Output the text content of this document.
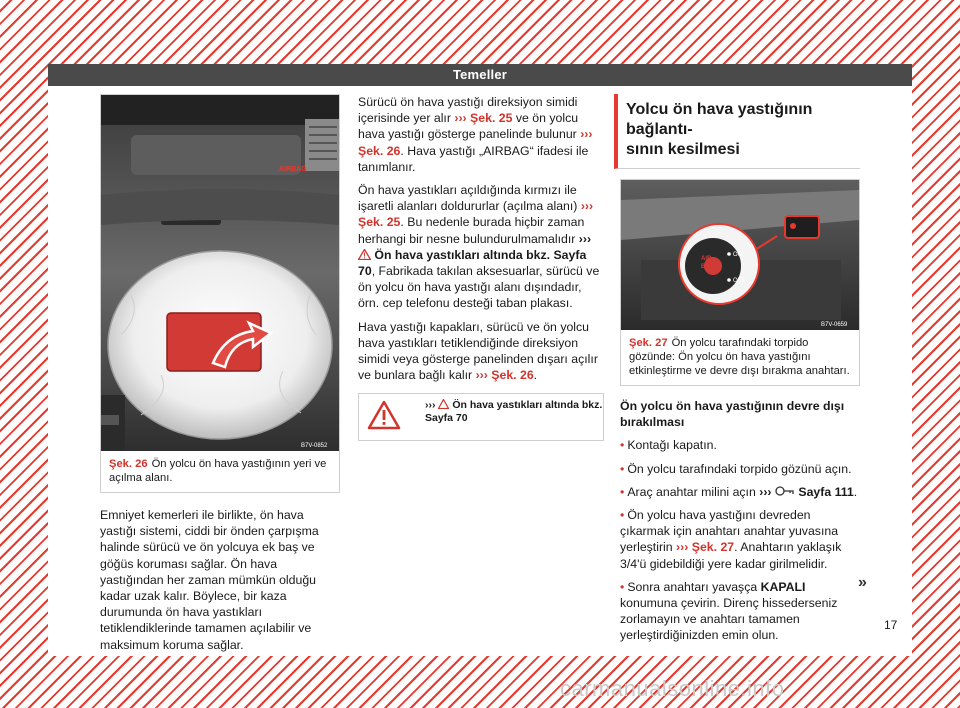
Temeller
AIRBAG
B7V-0852
Şek. 26 Ön yolcu ön hava yastığının yeri ve açılma alanı.

Emniyet kemerleri ile birlikte, ön hava yastığı sistemi, ciddi bir önden çarpışma halinde sürücü ve ön yolcuya ek baş ve göğüs koruması sağlar. Ön hava yastığından her zaman mümkün olduğu kadar uzak kalır. Böylece, bir kaza durumunda ön hava yastıkları tetiklendiklerinde tamamen açılabilir ve maksimum koruma sağlar.

Sürücü ön hava yastığı direksiyon simidi içerisinde yer alır ››› Şek. 25 ve ön yolcu hava yastığı gösterge panelinde bulunur ››› Şek. 26. Hava yastığı „AIRBAG“ ifadesi ile tanımlanır.

Ön hava yastıkları açıldığında kırmızı ile işaretli alanları doldururlar (açılma alanı) ››› Şek. 25. Bu nedenle burada hiçbir zaman herhangi bir nesne bulundurulmamalıdır ›››  Ön hava yastıkları altında bkz. Sayfa 70, Fabrikada takılan aksesuarlar, sürücü ve ön yolcu ön hava yastığı alanı dışındadır, örn. cep telefonu desteği taban plakası.

Hava yastığı kapakları, sürücü ve ön yolcu hava yastıkları tetiklendiğinde direksiyon simidi veya gösterge panelinden dışarı açılır ve bunlara bağlı kalır ››› Şek. 26.

›››  Ön hava yastıkları altında bkz.
Sayfa 70
Yolcu ön hava yastığının bağlantı-
sının kesilmesi
AIR
BAG
ON
OFF
B7V-0659
Şek. 27 Ön yolcu tarafındaki torpido gözünde: Ön yolcu ön hava yastığını etkinleştirme ve devre dışı bırakma anahtarı.

Ön yolcu ön hava yastığının devre dışı bırakılması

• Kontağı kapatın.

• Ön yolcu tarafındaki torpido gözünü açın.

• Araç anahtar milini açın ›››  Sayfa 111.

• Ön yolcu hava yastığını devreden çıkarmak için anahtarı anahtar yuvasına yerleştirin ››› Şek. 27. Anahtarın yaklaşık 3/4'ü gidebildiği yere kadar girilmelidir.

• Sonra anahtarı yavaşça KAPALI konumuna çevirin. Direnç hissederseniz zorlamayın ve anahtarı tamamen yerleştirdiğinizden emin olun.

»
17
carmanualsonline.info
